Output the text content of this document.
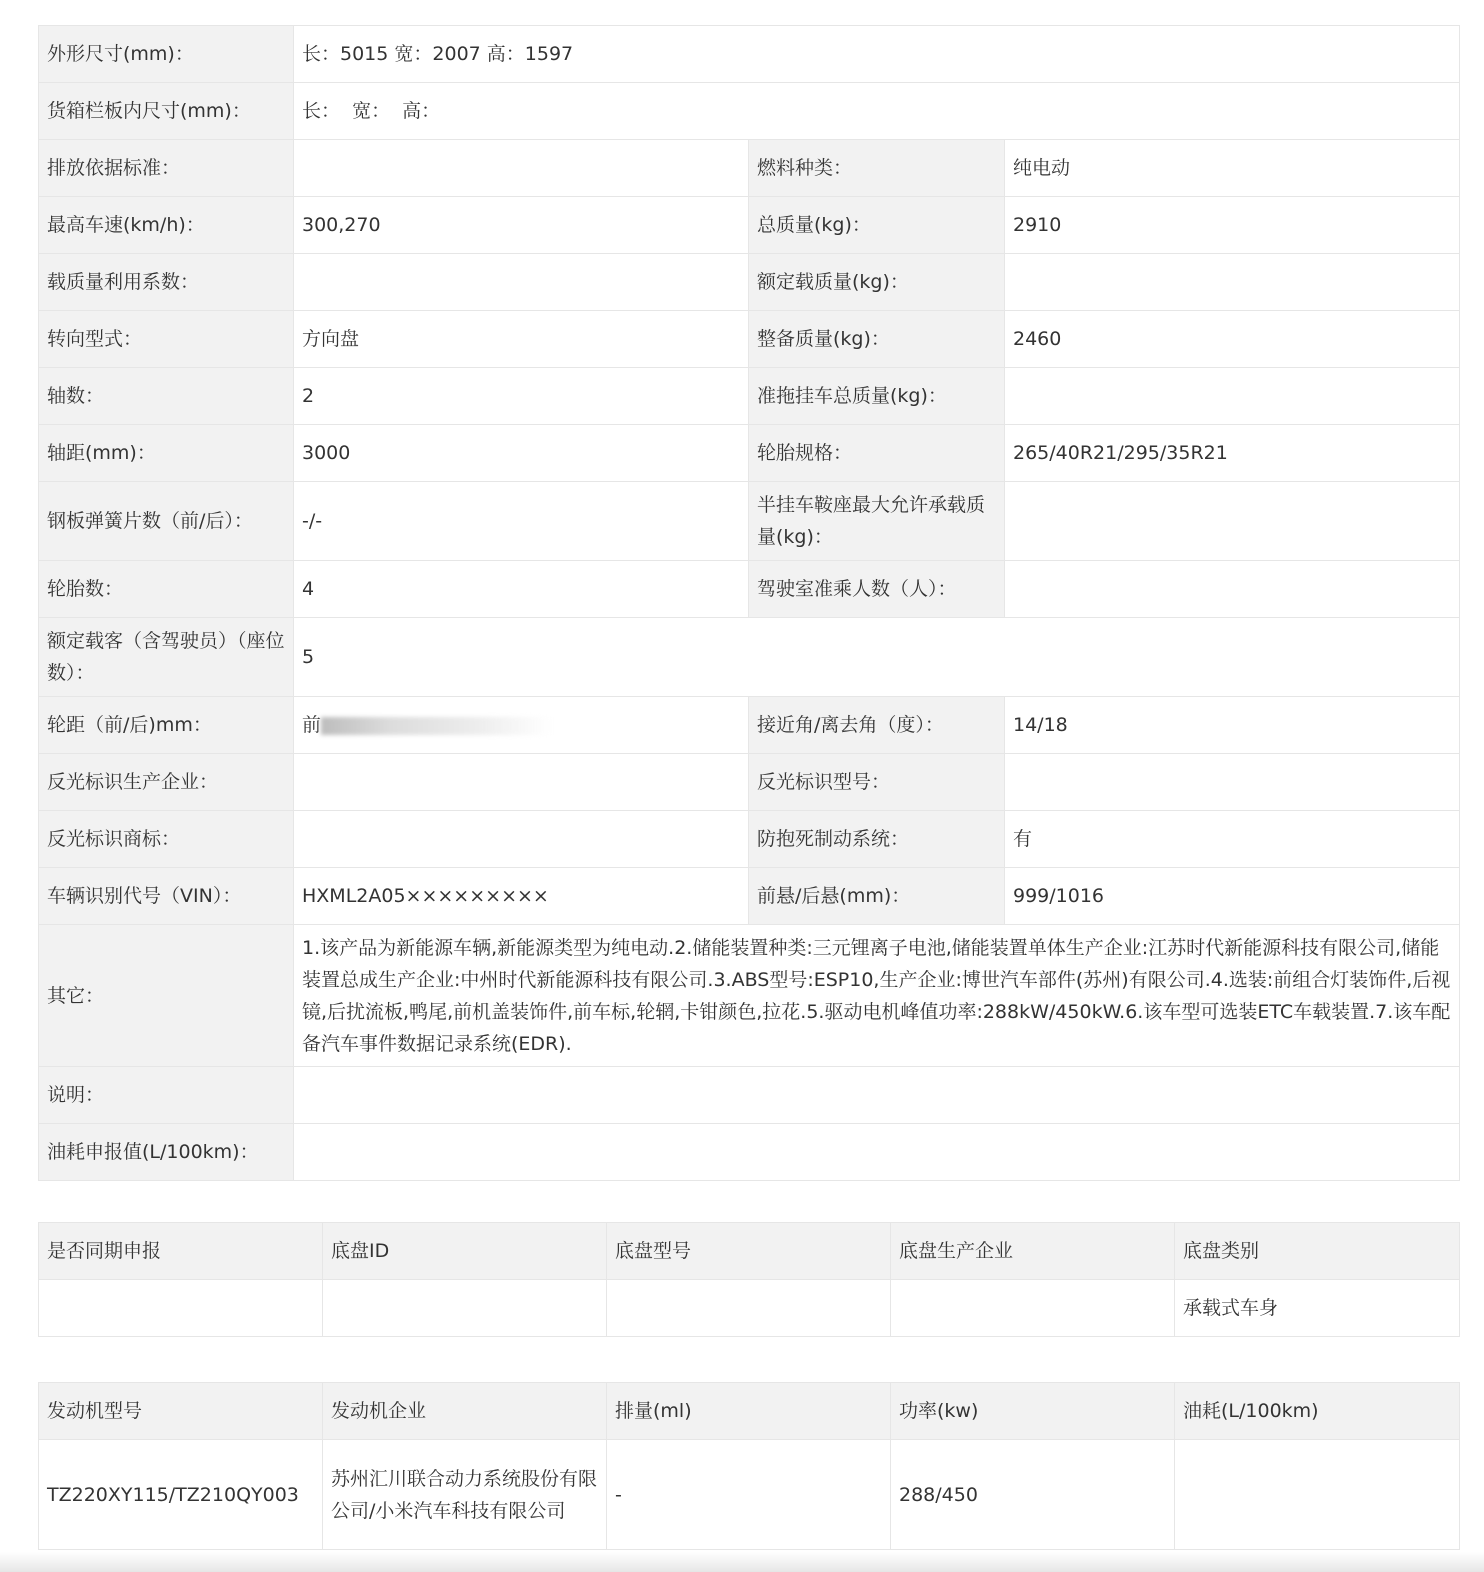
外形尺寸(mm)：	长：5015 宽：2007 高：1597		
货箱栏板内尺寸(mm)：	长：  宽：  高：		
排放依据标准：		燃料种类：	纯电动
最高车速(km/h)：	300,270	总质量(kg)：	2910
载质量利用系数：		额定载质量(kg)：	
转向型式：	方向盘	整备质量(kg)：	2460
轴数：	2	准拖挂车总质量(kg)：	
轴距(mm)：	3000	轮胎规格：	265/40R21/295/35R21
钢板弹簧片数（前/后）：	-/-	半挂车鞍座最大允许承载质量(kg)：	
轮胎数：	4	驾驶室准乘人数（人）：	
额定载客（含驾驶员）（座位数）：	5		
轮距（前/后)mm：	前	接近角/离去角（度）：	14/18
反光标识生产企业：		反光标识型号：	
反光标识商标：		防抱死制动系统：	有
车辆识别代号（VIN）：	HXML2A05×××××××××	前悬/后悬(mm)：	999/1016
其它：	1.该产品为新能源车辆,新能源类型为纯电动.2.储能装置种类:三元锂离子电池,储能装置单体生产企业:江苏时代新能源科技有限公司,储能装置总成生产企业:中州时代新能源科技有限公司.3.ABS型号:ESP10,生产企业:博世汽车部件(苏州)有限公司.4.选装:前组合灯装饰件,后视镜,后扰流板,鸭尾,前机盖装饰件,前车标,轮辋,卡钳颜色,拉花.5.驱动电机峰值功率:288kW/450kW.6.该车型可选装ETC车载装置.7.该车配备汽车事件数据记录系统(EDR).		
说明：			
油耗申报值(L/100km)：			
是否同期申报	底盘ID	底盘型号	底盘生产企业	底盘类别
				承载式车身
发动机型号	发动机企业	排量(ml)	功率(kw)	油耗(L/100km)
TZ220XY115/TZ210QY003	苏州汇川联合动力系统股份有限公司/小米汽车科技有限公司	-	288/450	
